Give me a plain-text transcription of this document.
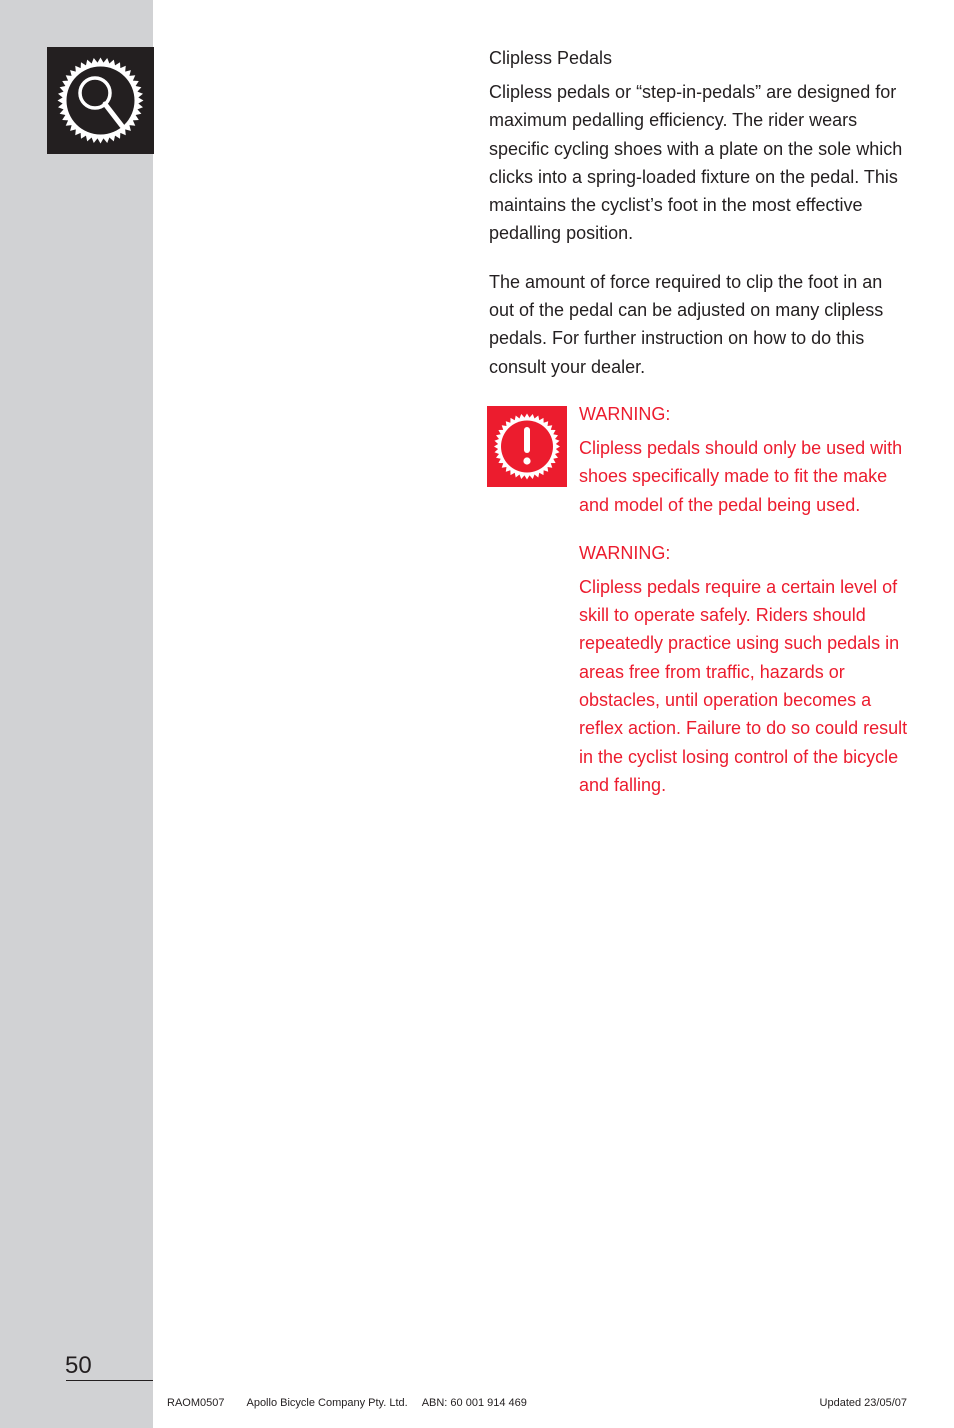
Clipless Pedals

Clipless pedals or “step-in-pedals” are designed for maximum pedalling efficiency. The rider wears specific cycling shoes with a plate on the sole which clicks into a spring-loaded fixture on the pedal. This maintains the cyclist’s foot in the most effective pedalling position.

The amount of force required to clip the foot in an out of the pedal can be adjusted on many clipless pedals. For further instruction on how to do this consult your dealer.

WARNING:

Clipless pedals should only be used with shoes specifically made to fit the make and model of the pedal being used.

WARNING:

Clipless pedals require a certain level of skill to operate safely. Riders should repeatedly practice using such pedals in areas free from traffic, hazards or obstacles, until operation becomes a reflex action. Failure to do so could result in the cyclist losing control of the bicycle and falling.

50
RAOM0507 Apollo Bicycle Company Pty. Ltd. ABN: 60 001 914 469	Updated 23/05/07
